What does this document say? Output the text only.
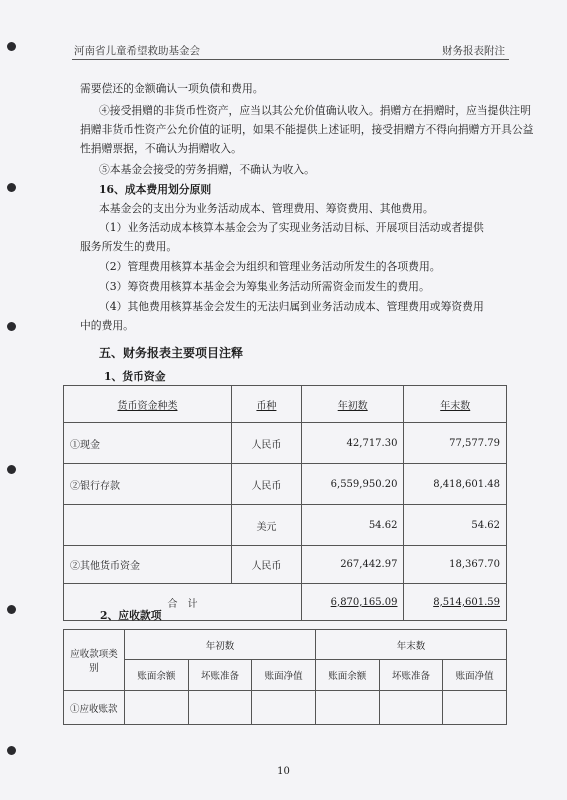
河南省儿童希望救助基金会	财务报表附注
需要偿还的金额确认一项负债和费用。
④接受捐赠的非货币性资产，应当以其公允价值确认收入。捐赠方在捐赠时，应当提供注明
捐赠非货币性资产公允价值的证明，如果不能提供上述证明，接受捐赠方不得向捐赠方开具公益
性捐赠票据，不确认为捐赠收入。
⑤本基金会接受的劳务捐赠，不确认为收入。
16、成本费用划分原则
本基金会的支出分为业务活动成本、管理费用、筹资费用、其他费用。
（1）业务活动成本核算本基金会为了实现业务活动目标、开展项目活动或者提供
服务所发生的费用。
（2）管理费用核算本基金会为组织和管理业务活动所发生的各项费用。
（3）筹资费用核算本基金会为筹集业务活动所需资金而发生的费用。
（4）其他费用核算基金会发生的无法归属到业务活动成本、管理费用或筹资费用
中的费用。
五、财务报表主要项目注释
1、货币资金
货币资金种类	币种	年初数	年末数
①现金	人民币	42,717.30	77,577.79
②银行存款	人民币	6,559,950.20	8,418,601.48
	美元	54.62	54.62
②其他货币资金	人民币	267,442.97	18,367.70
合　计		6,870,165.09	8,514,601.59
2、应收款项
应收款项类别	年初数			年末数		
	账面余额	坏账准备	账面净值	账面余额	坏账准备	账面净值
①应收账款						
10
